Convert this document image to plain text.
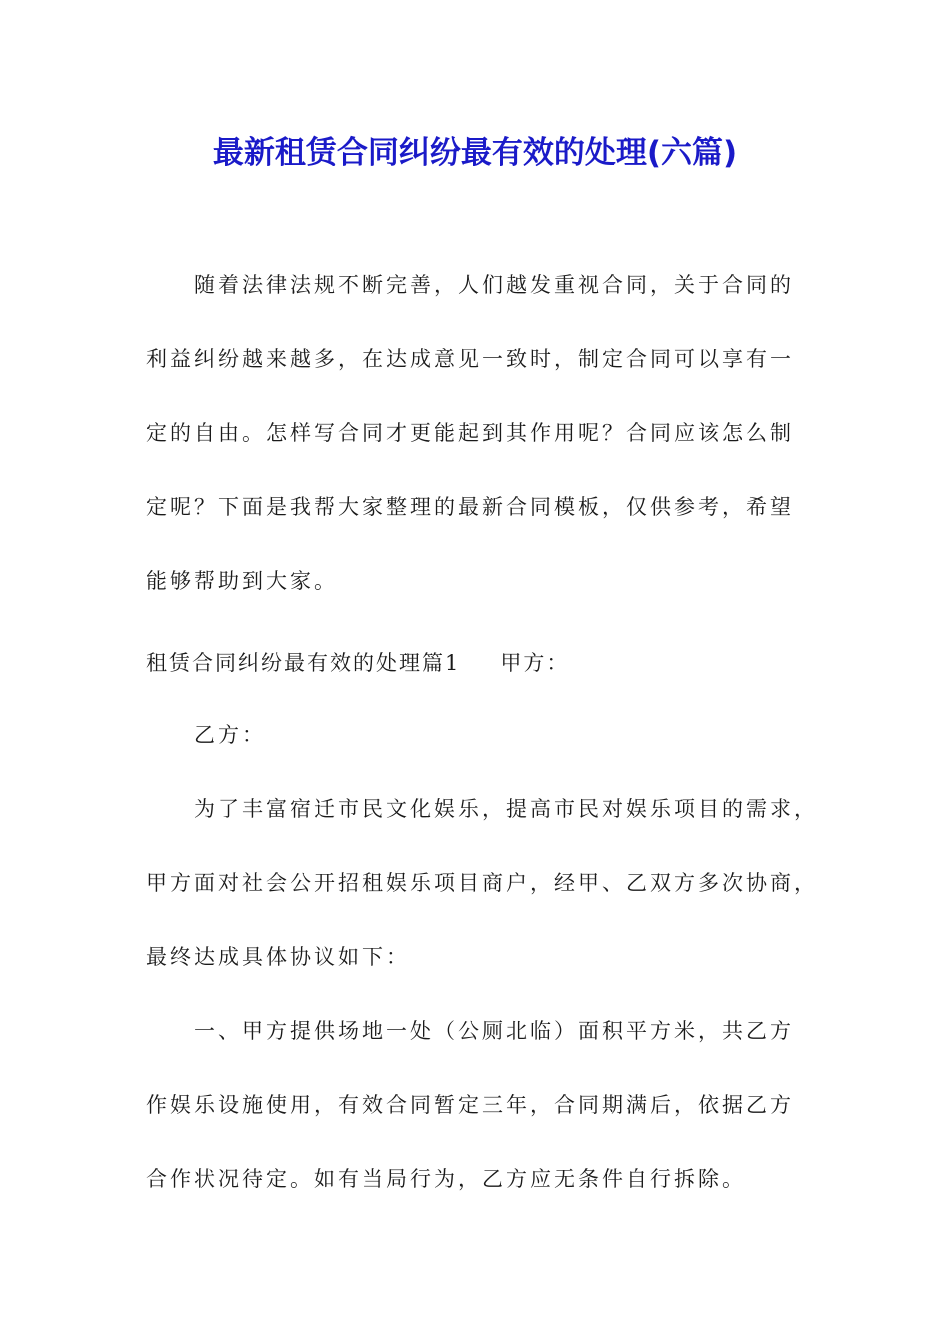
最新租赁合同纠纷最有效的处理(六篇)
随着法律法规不断完善，人们越发重视合同，关于合同的
利益纠纷越来越多，在达成意见一致时，制定合同可以享有一
定的自由。怎样写合同才更能起到其作用呢？合同应该怎么制
定呢？下面是我帮大家整理的最新合同模板，仅供参考，希望
能够帮助到大家。
租赁合同纠纷最有效的处理篇1 甲方：
乙方：
为了丰富宿迁市民文化娱乐，提高市民对娱乐项目的需求，
甲方面对社会公开招租娱乐项目商户，经甲、乙双方多次协商，
最终达成具体协议如下：
一、甲方提供场地一处（公厕北临）面积平方米，共乙方
作娱乐设施使用，有效合同暂定三年，合同期满后，依据乙方
合作状况待定。如有当局行为，乙方应无条件自行拆除。
